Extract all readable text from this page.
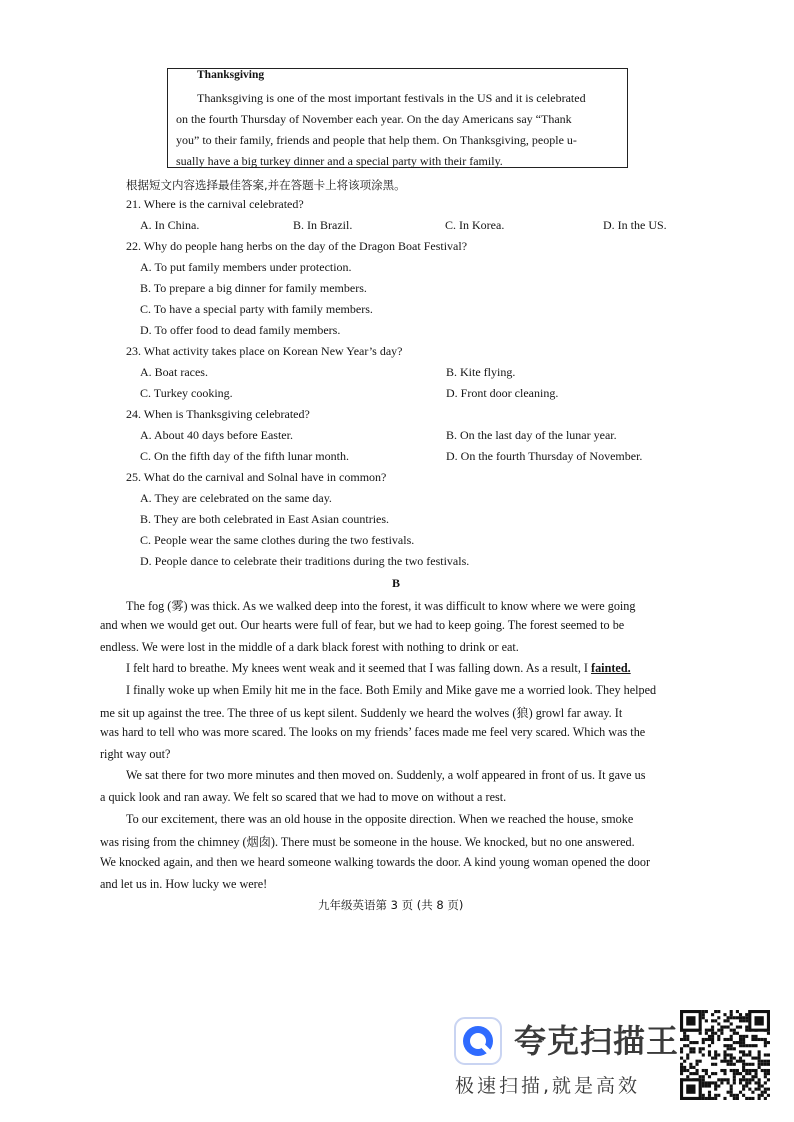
Thanksgiving
Thanksgiving is one of the most important festivals in the US and it is celebrated
on the fourth Thursday of November each year. On the day Americans say “Thank
you” to their family, friends and people that help them. On Thanksgiving, people u-
sually have a big turkey dinner and a special party with their family.
根据短文内容选择最佳答案,并在答题卡上将该项涂黑。
21. Where is the carnival celebrated?
A. In China.	B. In Brazil.	C. In Korea.	D. In the US.
22. Why do people hang herbs on the day of the Dragon Boat Festival?
A. To put family members under protection.
B. To prepare a big dinner for family members.
C. To have a special party with family members.
D. To offer food to dead family members.
23. What activity takes place on Korean New Year’s day?
A. Boat races.	B. Kite flying.
C. Turkey cooking.	D. Front door cleaning.
24. When is Thanksgiving celebrated?
A. About 40 days before Easter.	B. On the last day of the lunar year.
C. On the fifth day of the fifth lunar month.	D. On the fourth Thursday of November.
25. What do the carnival and Solnal have in common?
A. They are celebrated on the same day.
B. They are both celebrated in East Asian countries.
C. People wear the same clothes during the two festivals.
D. People dance to celebrate their traditions during the two festivals.
B
The fog (雾) was thick. As we walked deep into the forest, it was difficult to know where we were going
and when we would get out. Our hearts were full of fear, but we had to keep going. The forest seemed to be
endless. We were lost in the middle of a dark black forest with nothing to drink or eat.
I felt hard to breathe. My knees went weak and it seemed that I was falling down. As a result, I fainted.
I finally woke up when Emily hit me in the face. Both Emily and Mike gave me a worried look. They helped
me sit up against the tree. The three of us kept silent. Suddenly we heard the wolves (狼) growl far away. It
was hard to tell who was more scared. The looks on my friends’ faces made me feel very scared. Which was the
right way out?
We sat there for two more minutes and then moved on. Suddenly, a wolf appeared in front of us. It gave us
a quick look and ran away. We felt so scared that we had to move on without a rest.
To our excitement, there was an old house in the opposite direction. When we reached the house, smoke
was rising from the chimney (烟囱). There must be someone in the house. We knocked, but no one answered.
We knocked again, and then we heard someone walking towards the door. A kind young woman opened the door
and let us in. How lucky we were!
九年级英语第 3 页 (共 8 页)
夸克扫描王
极速扫描,就是高效
